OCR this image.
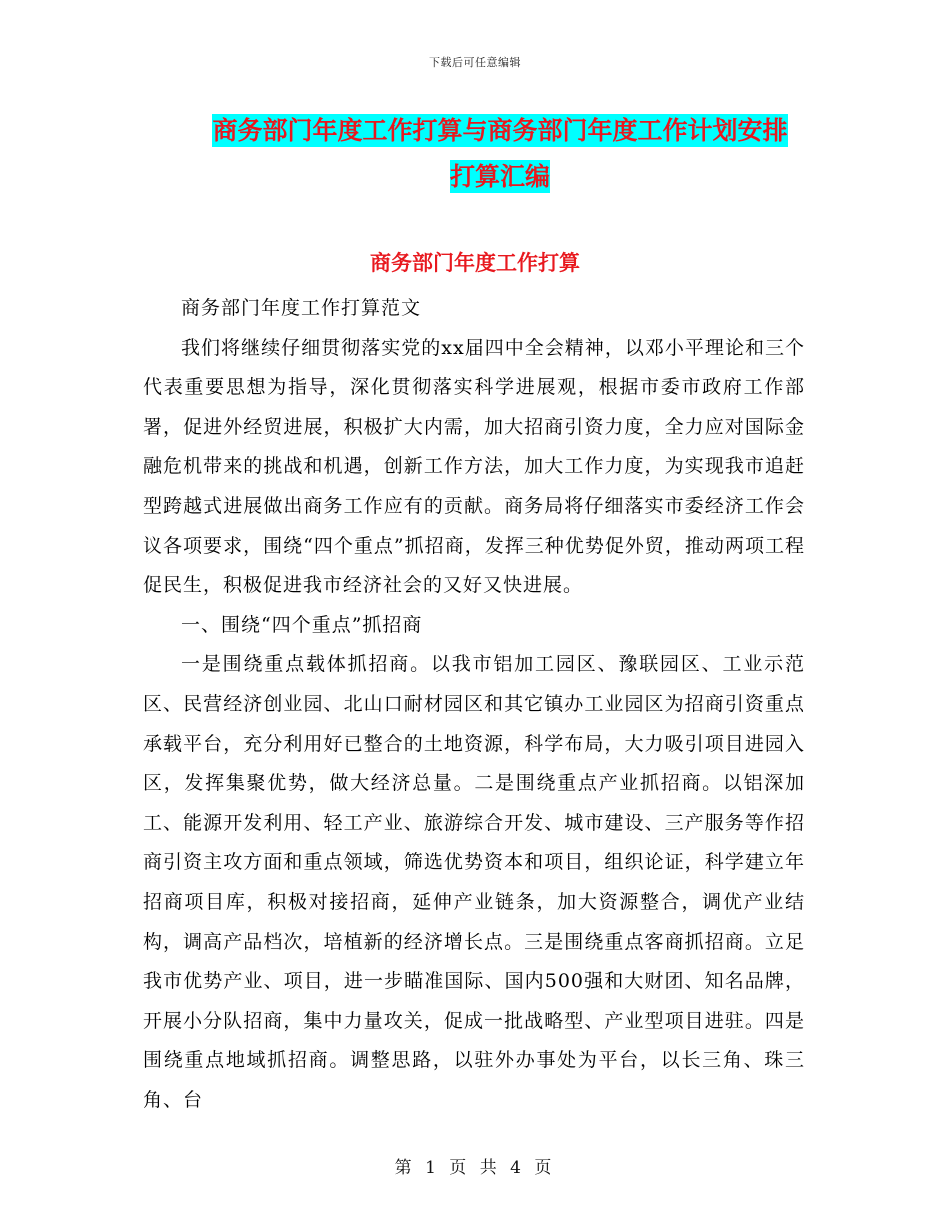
下载后可任意编辑
商务部门年度工作打算与商务部门年度工作计划安排
打算汇编
商务部门年度工作打算

商务部门年度工作打算范文

我们将继续仔细贯彻落实党的xx届四中全会精神，以邓小平理论和三个代表重要思想为指导，深化贯彻落实科学进展观，根据市委市政府工作部署，促进外经贸进展，积极扩大内需，加大招商引资力度，全力应对国际金融危机带来的挑战和机遇，创新工作方法，加大工作力度，为实现我市追赶型跨越式进展做出商务工作应有的贡献。商务局将仔细落实市委经济工作会议各项要求，围绕“四个重点”抓招商，发挥三种优势促外贸，推动两项工程促民生，积极促进我市经济社会的又好又快进展。

一、围绕“四个重点”抓招商

一是围绕重点载体抓招商。以我市铝加工园区、豫联园区、工业示范区、民营经济创业园、北山口耐材园区和其它镇办工业园区为招商引资重点承载平台，充分利用好已整合的土地资源，科学布局，大力吸引项目进园入区，发挥集聚优势，做大经济总量。二是围绕重点产业抓招商。以铝深加工、能源开发利用、轻工产业、旅游综合开发、城市建设、三产服务等作招商引资主攻方面和重点领域，筛选优势资本和项目，组织论证，科学建立年招商项目库，积极对接招商，延伸产业链条，加大资源整合，调优产业结构，调高产品档次，培植新的经济增长点。三是围绕重点客商抓招商。立足我市优势产业、项目，进一步瞄准国际、国内500强和大财团、知名品牌，开展小分队招商，集中力量攻关，促成一批战略型、产业型项目进驻。四是围绕重点地域抓招商。调整思路，以驻外办事处为平台，以长三角、珠三角、台

第 1 页 共 4 页
